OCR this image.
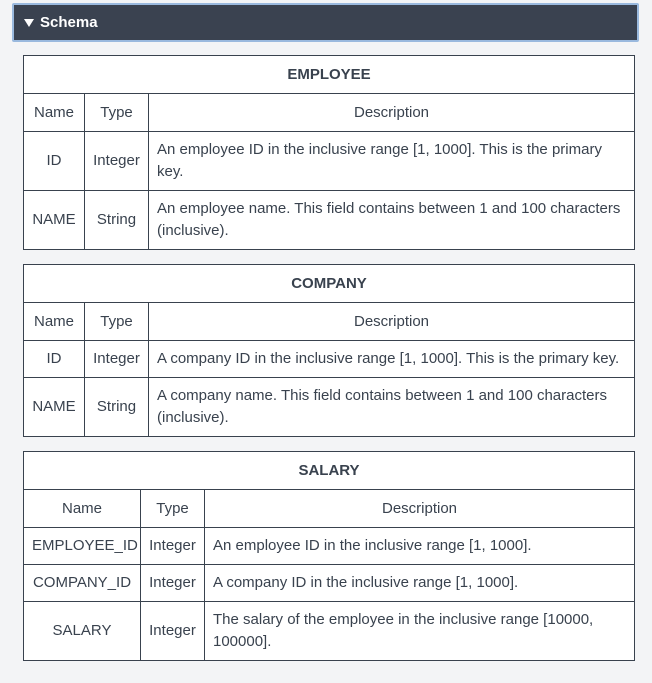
Schema
EMPLOYEE		
Name	Type	Description
ID	Integer	An employee ID in the inclusive range [1, 1000]. This is the primary key.
NAME	String	An employee name. This field contains between 1 and 100 characters (inclusive).
COMPANY		
Name	Type	Description
ID	Integer	A company ID in the inclusive range [1, 1000]. This is the primary key.
NAME	String	A company name. This field contains between 1 and 100 characters (inclusive).
SALARY		
Name	Type	Description
EMPLOYEE_ID	Integer	An employee ID in the inclusive range [1, 1000].
COMPANY_ID	Integer	A company ID in the inclusive range [1, 1000].
SALARY	Integer	The salary of the employee in the inclusive range [10000, 100000].
